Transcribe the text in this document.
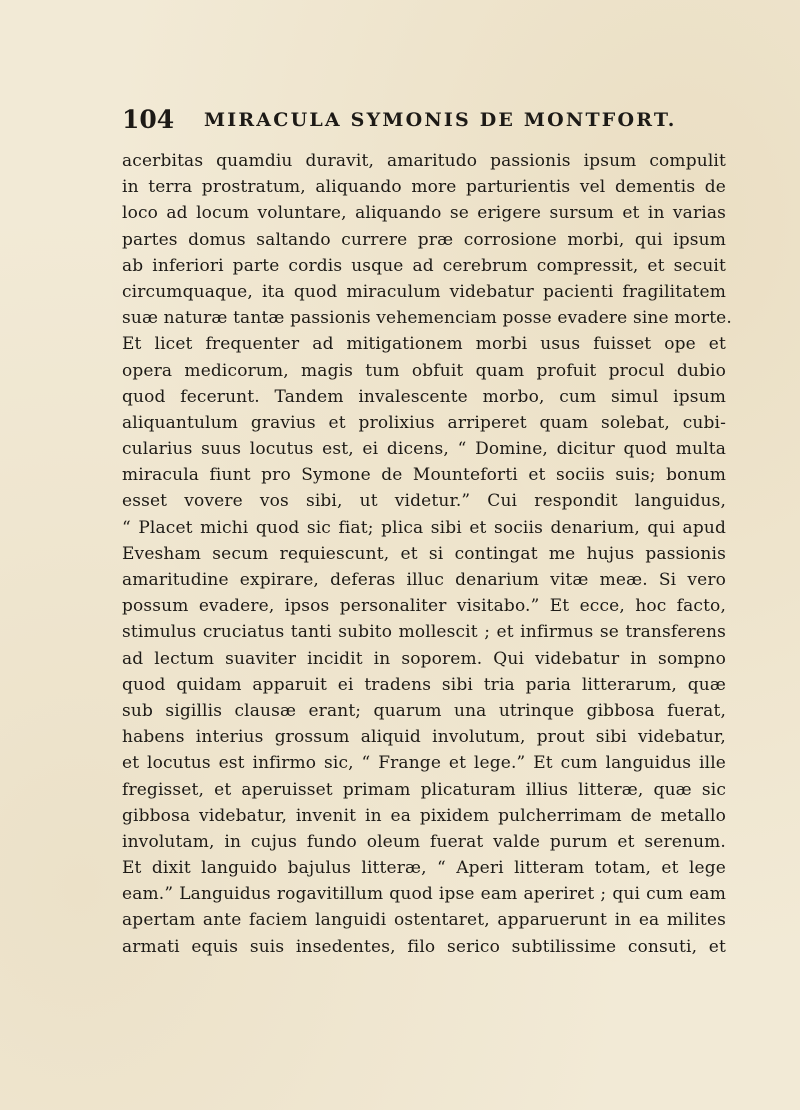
104 MIRACULA SYMONIS DE MONTFORT.
acerbitas quamdiu duravit, amaritudo passionis ipsum compulit
in terra prostratum, aliquando more parturientis vel dementis de
loco ad locum voluntare, aliquando se erigere sursum et in varias
partes domus saltando currere præ corrosione morbi, qui ipsum
ab inferiori parte cordis usque ad cerebrum compressit, et secuit
circumquaque, ita quod miraculum videbatur pacienti fragilitatem
suæ naturæ tantæ passionis vehemenciam posse evadere sine morte.
Et licet frequenter ad mitigationem morbi usus fuisset ope et
opera medicorum, magis tum obfuit quam profuit procul dubio
quod fecerunt. Tandem invalescente morbo, cum simul ipsum
aliquantulum gravius et prolixius arriperet quam solebat, cubi-
cularius suus locutus est, ei dicens, “ Domine, dicitur quod multa
miracula fiunt pro Symone de Mounteforti et sociis suis; bonum
esset vovere vos sibi, ut videtur.” Cui respondit languidus,
“ Placet michi quod sic fiat; plica sibi et sociis denarium, qui apud
Evesham secum requiescunt, et si contingat me hujus passionis
amaritudine expirare, deferas illuc denarium vitæ meæ. Si vero
possum evadere, ipsos personaliter visitabo.” Et ecce, hoc facto,
stimulus cruciatus tanti subito mollescit ; et infirmus se transferens
ad lectum suaviter incidit in soporem. Qui videbatur in sompno
quod quidam apparuit ei tradens sibi tria paria litterarum, quæ
sub sigillis clausæ erant; quarum una utrinque gibbosa fuerat,
habens interius grossum aliquid involutum, prout sibi videbatur,
et locutus est infirmo sic, “ Frange et lege.” Et cum languidus ille
fregisset, et aperuisset primam plicaturam illius litteræ, quæ sic
gibbosa videbatur, invenit in ea pixidem pulcherrimam de metallo
involutam, in cujus fundo oleum fuerat valde purum et serenum.
Et dixit languido bajulus litteræ, “ Aperi litteram totam, et lege
eam.” Languidus rogavitillum quod ipse eam aperiret ; qui cum eam
apertam ante faciem languidi ostentaret, apparuerunt in ea milites
armati equis suis insedentes, filo serico subtilissime consuti, et
